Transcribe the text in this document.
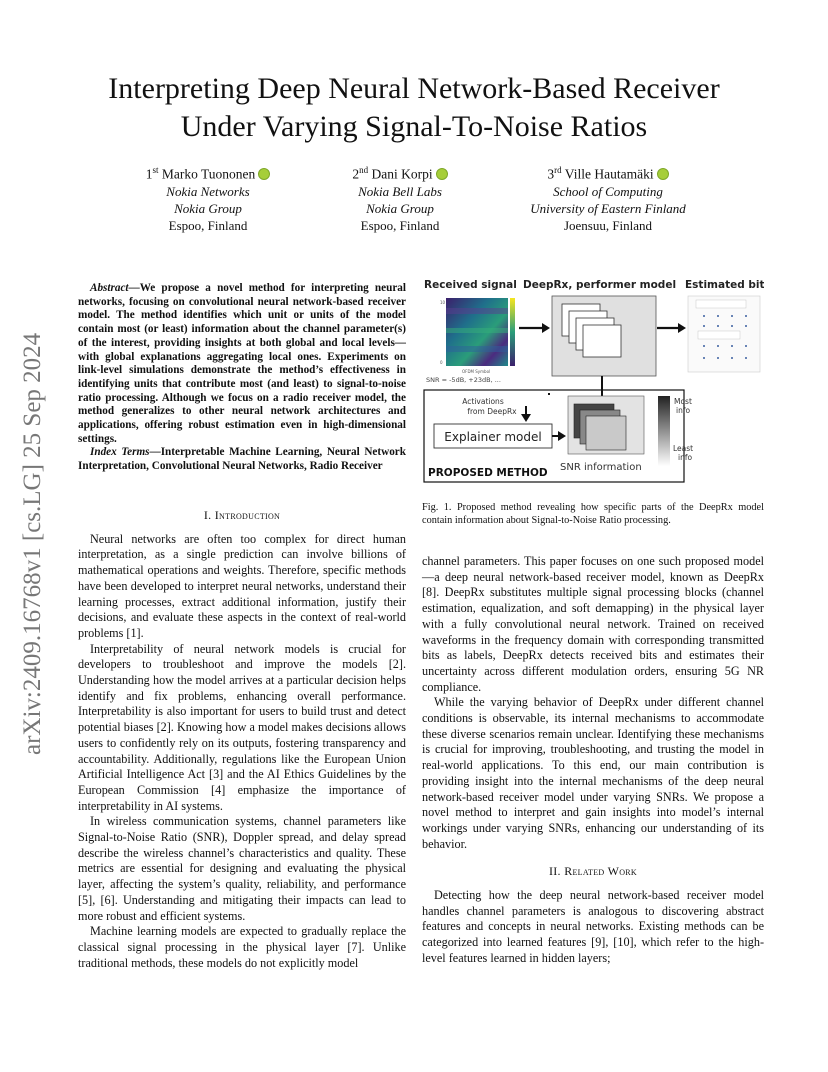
arXiv:2409.16768v1 [cs.LG] 25 Sep 2024
Interpreting Deep Neural Network-Based Receiver
Under Varying Signal-To-Noise Ratios
1st Marko Tuononen
Nokia Networks
Nokia Group
Espoo, Finland
2nd Dani Korpi
Nokia Bell Labs
Nokia Group
Espoo, Finland
3rd Ville Hautamäki
School of Computing
University of Eastern Finland
Joensuu, Finland

Abstract—We propose a novel method for interpreting neural networks, focusing on convolutional neural network-based receiver model. The method identifies which unit or units of the model contain most (or least) information about the channel parameter(s) of the interest, providing insights at both global and local levels—with global explanations aggregating local ones. Experiments on link-level simulations demonstrate the method’s effectiveness in identifying units that contribute most (and least) to signal-to-noise ratio processing. Although we focus on a radio receiver model, the method generalizes to other neural network architectures and applications, offering robust estimation even in high-dimensional settings.

Index Terms—Interpretable Machine Learning, Neural Network Interpretation, Convolutional Neural Networks, Radio Receiver

I. Introduction

Neural networks are often too complex for direct human interpretation, as a single prediction can involve billions of mathematical operations and weights. Therefore, specific methods have been developed to interpret neural networks, understand their learning processes, extract additional information, justify their decisions, and evaluate these aspects in the context of real-world problems [1].

Interpretability of neural network models is crucial for developers to troubleshoot and improve the models [2]. Understanding how the model arrives at a particular decision helps identify and fix problems, enhancing overall performance. Interpretability is also important for users to build trust and detect potential biases [2]. Knowing how a model makes decisions allows users to confidently rely on its outputs, fostering transparency and accountability. Additionally, regulations like the European Union Artificial Intelligence Act [3] and the AI Ethics Guidelines by the European Commission [4] emphasize the importance of interpretability in AI systems.

In wireless communication systems, channel parameters like Signal-to-Noise Ratio (SNR), Doppler spread, and delay spread describe the wireless channel’s characteristics and quality. These metrics are essential for designing and evaluating the physical layer, affecting the system’s quality, reliability, and performance [5], [6]. Understanding and mitigating their impacts can lead to more robust and efficient systems.

Machine learning models are expected to gradually replace the classical signal processing in the physical layer [7]. Unlike traditional methods, these models do not explicitly model

Received signal DeepRx, performer model Estimated bits
10
0
OFDM Symbol
SNR = -5dB, +23dB, ...
Activations
from DeepRx
Explainer model
SNR information
Most
info
Least
info
PROPOSED METHOD
Fig. 1. Proposed method revealing how specific parts of the DeepRx model contain information about Signal-to-Noise Ratio processing.

channel parameters. This paper focuses on one such proposed model—a deep neural network-based receiver model, known as DeepRx [8]. DeepRx substitutes multiple signal processing blocks (channel estimation, equalization, and soft demapping) in the physical layer with a fully convolutional neural network. Trained on received waveforms in the frequency domain with corresponding transmitted bits as labels, DeepRx detects received bits and estimates their uncertainty across different modulation orders, ensuring 5G NR compliance.

While the varying behavior of DeepRx under different channel conditions is observable, its internal mechanisms to accommodate these diverse scenarios remain unclear. Identifying these mechanisms is crucial for improving, troubleshooting, and trusting the model in real-world applications. To this end, our main contribution is providing insight into the internal mechanisms of the deep neural network-based receiver model under varying SNRs. We propose a novel method to interpret and gain insights into model’s internal workings under varying SNRs, enhancing our understanding of its behavior.

II. Related Work

Detecting how the deep neural network-based receiver model handles channel parameters is analogous to discovering abstract features and concepts in neural networks. Existing methods can be categorized into learned features [9], [10], which refer to the high-level features learned in hidden layers;
